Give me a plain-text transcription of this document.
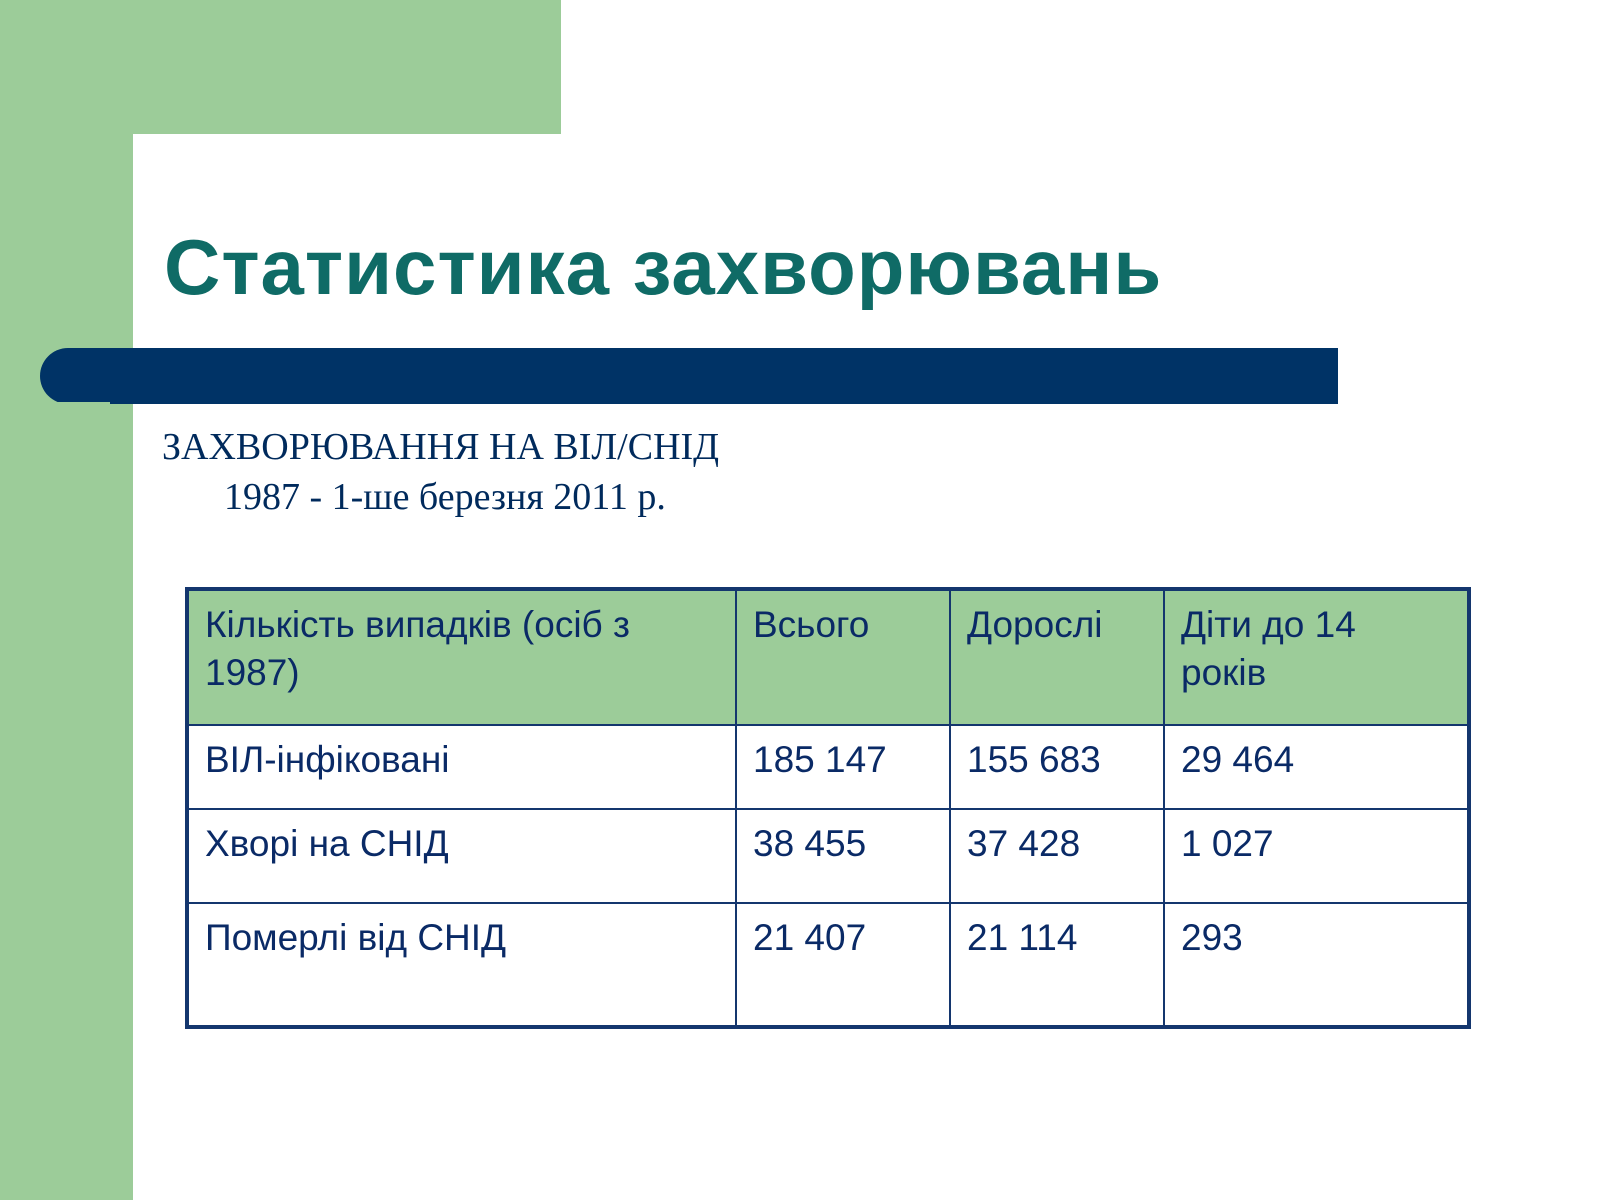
Статистика захворювань
ЗАХВОРЮВАННЯ НА ВІЛ/СНІД
1987 - 1-ше березня 2011 р.
Кількість випадків (осіб з 1987)	Всього	Дорослі	Діти до 14 років
ВІЛ-інфіковані	185 147	155 683	29 464
Хворі на СНІД	38 455	37 428	1 027
Померлі від СНІД	21 407	21 114	293
